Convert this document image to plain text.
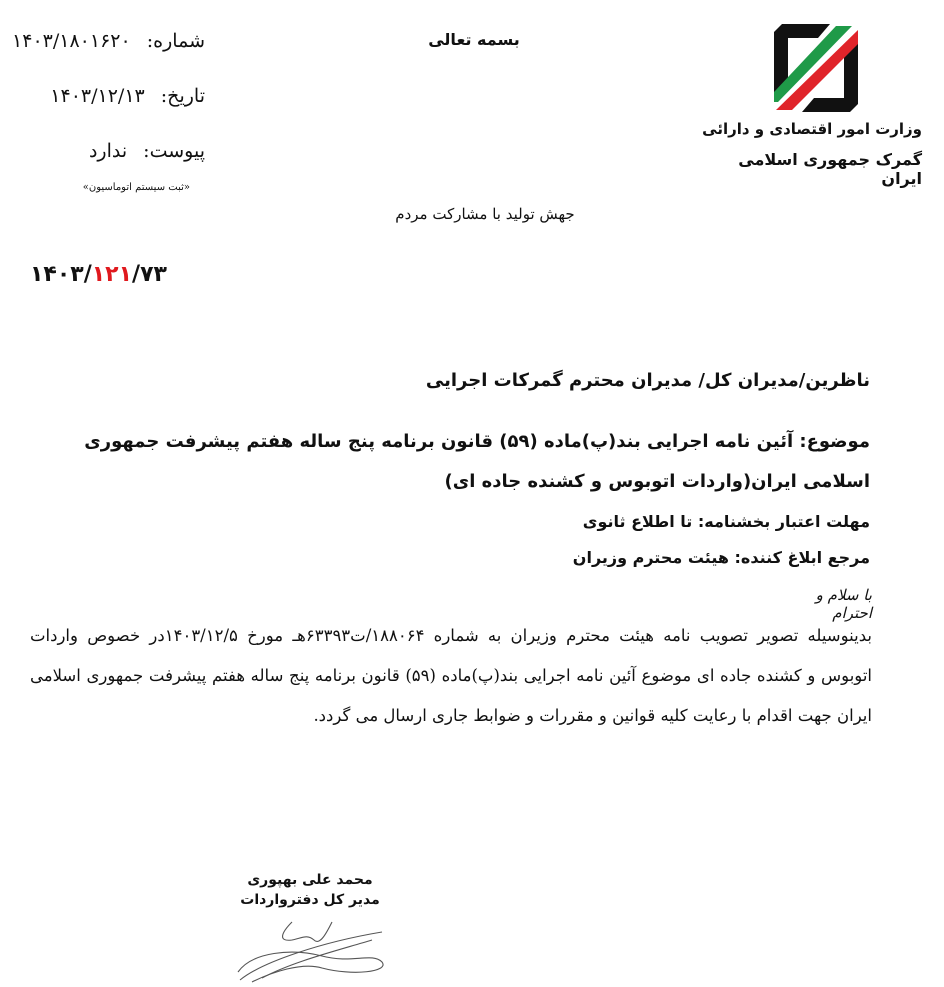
شماره: ۱۴۰۳/۱۸۰۱۶۲۰
تاریخ: ۱۴۰۳/۱۲/۱۳
پیوست: ندارد
«ثبت سیستم اتوماسیون»
بسمه تعالی
جهش تولید با مشارکت مردم
۱۴۰۳/۱۲۱/۷۳
وزارت امور اقتصادی و دارائی
گمرک جمهوری اسلامی ایران
ناظرین/مدیران کل/ مدیران محترم گمرکات اجرایی
موضوع: آئین نامه اجرایی بند(پ)ماده (۵۹) قانون برنامه پنج ساله هفتم پیشرفت جمهوری اسلامی ایران(واردات اتوبوس و کشنده جاده ای)
مهلت اعتبار بخشنامه: تا اطلاع ثانوی
مرجع ابلاغ کننده: هیئت محترم وزیران
با سلام و احترام
بدینوسیله تصویر تصویب نامه هیئت محترم وزیران به شماره ۱۸۸۰۶۴/ت۶۳۳۹۳هـ مورخ ۱۴۰۳/۱۲/۵در خصوص واردات اتوبوس و کشنده جاده ای موضوع آئین نامه اجرایی بند(پ)ماده (۵۹) قانون برنامه پنج ساله هفتم پیشرفت جمهوری اسلامی ایران جهت اقدام با رعایت کلیه قوانین و مقررات و ضوابط جاری ارسال می گردد.
محمد علی بهپوری
مدیر کل دفترواردات
